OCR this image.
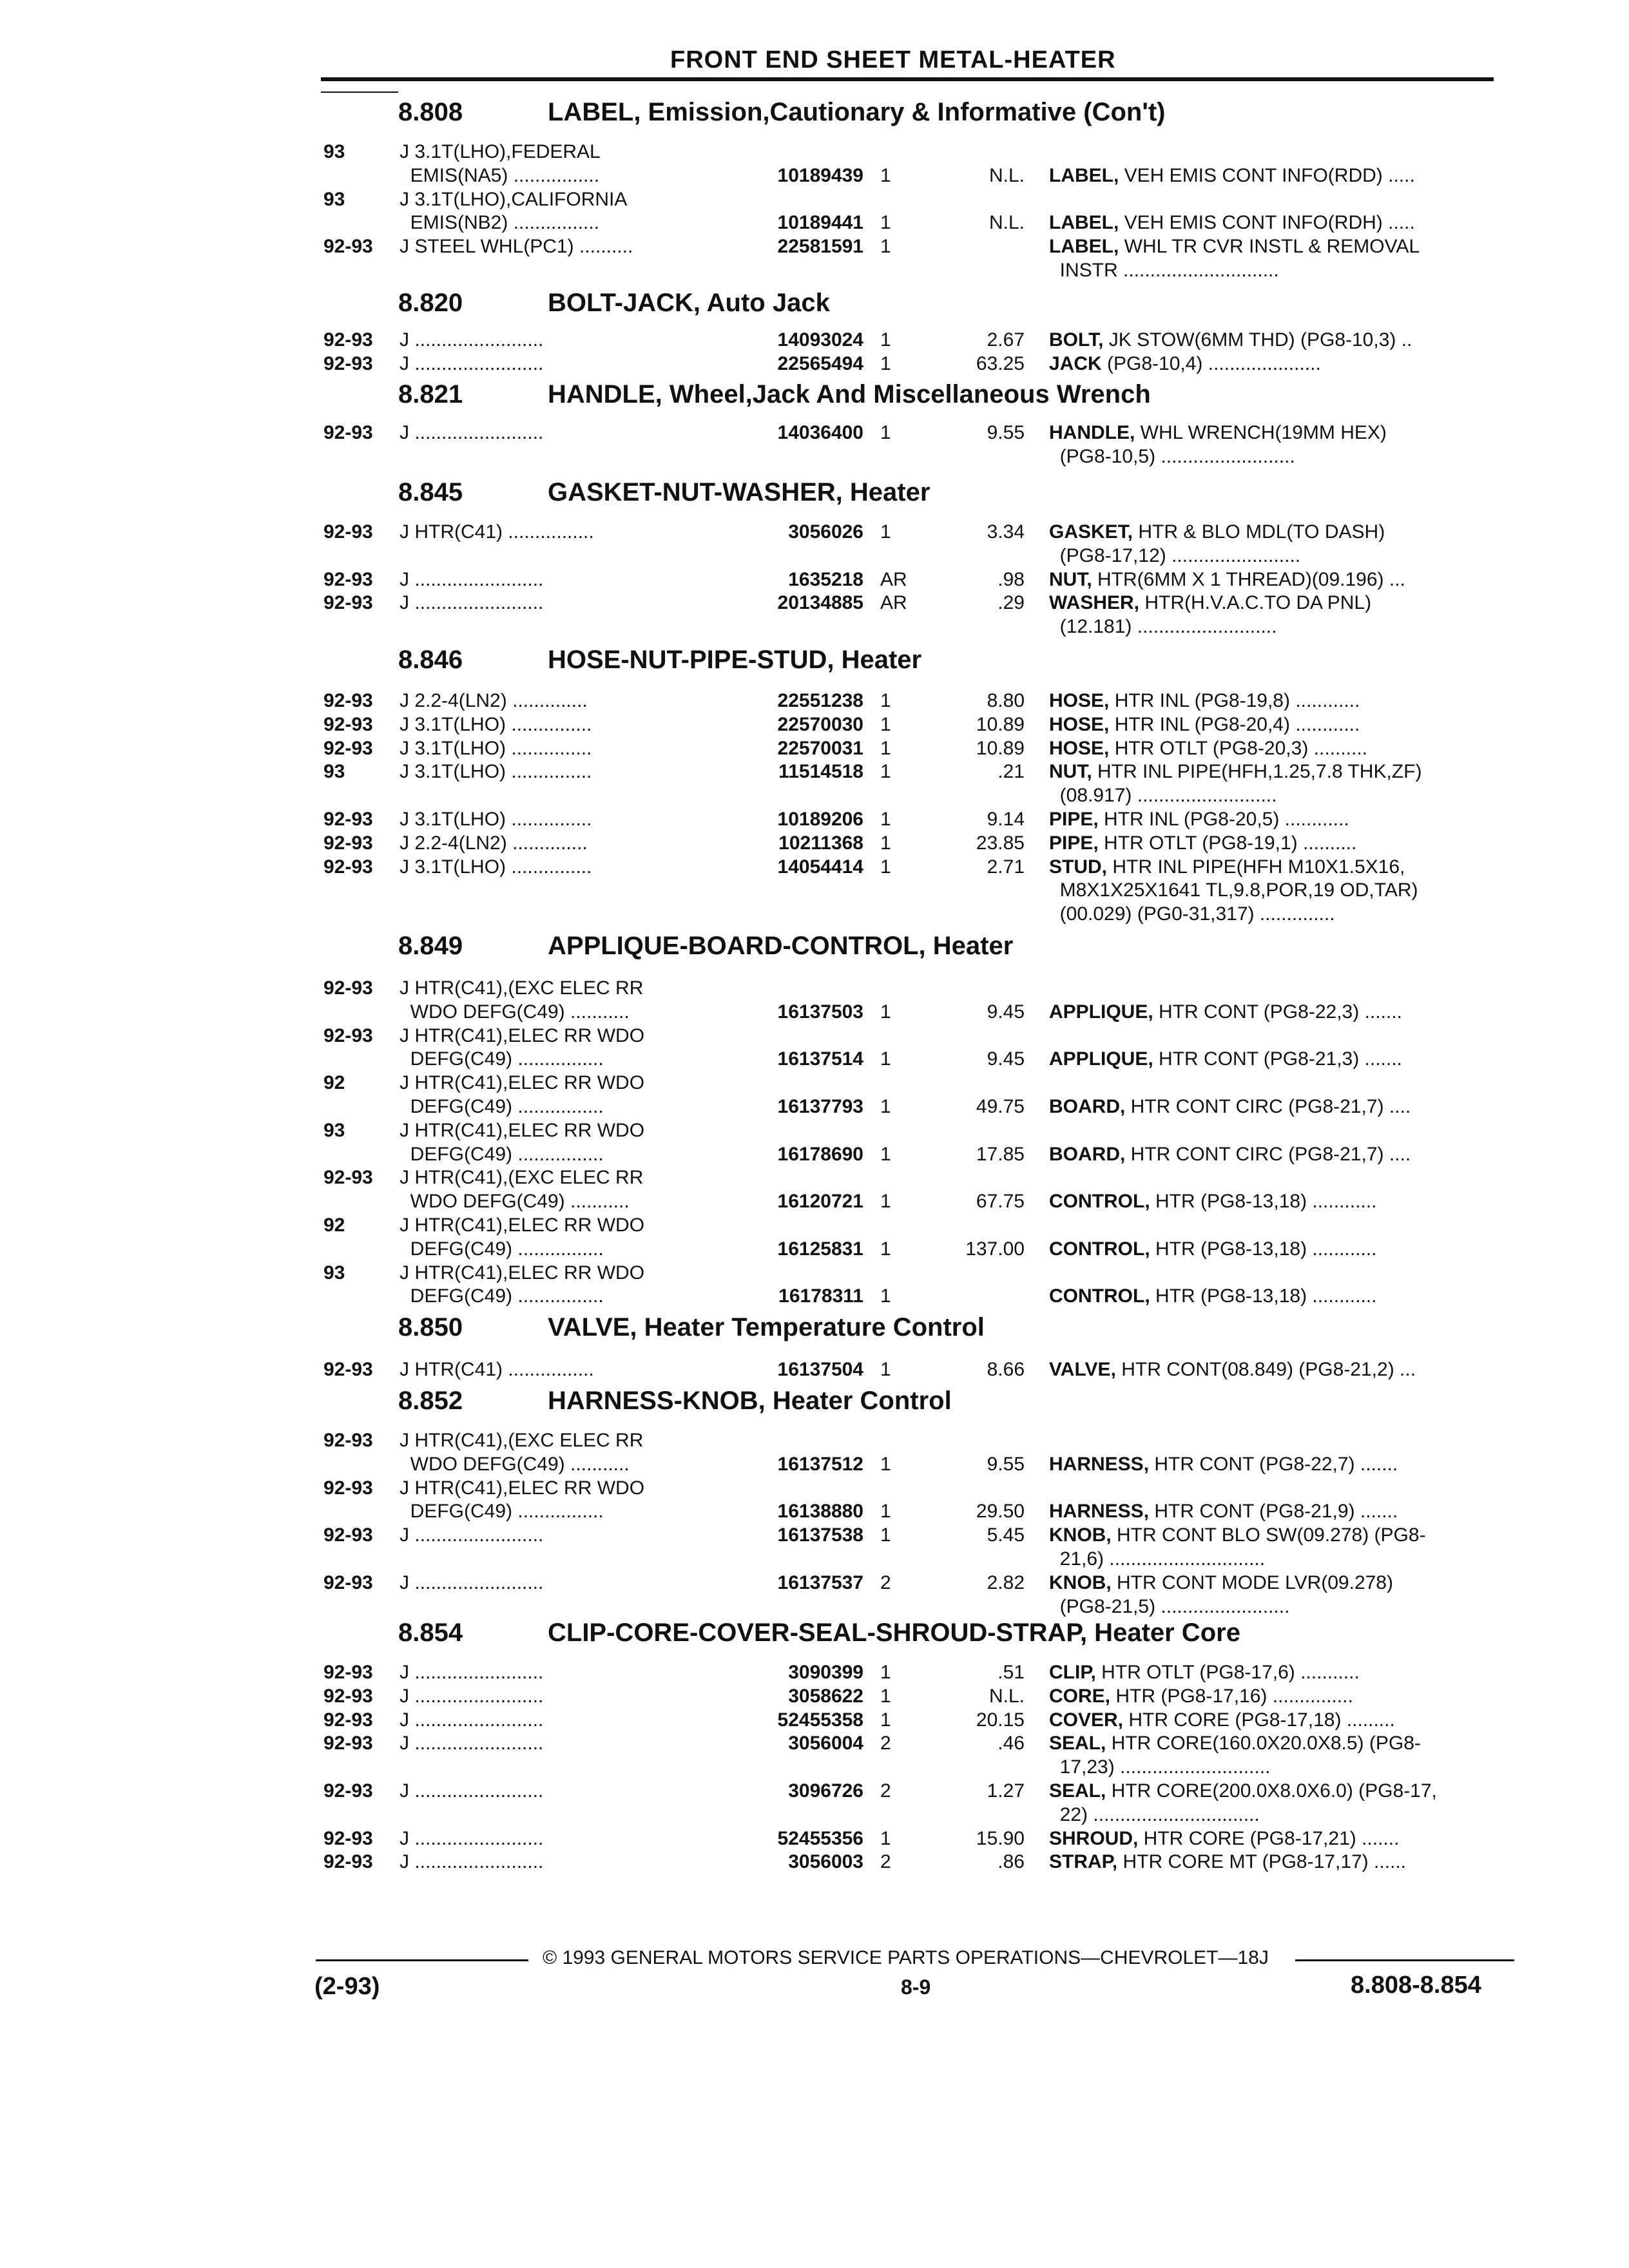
FRONT END SHEET METAL-HEATER
8.808	LABEL, Emission,Cautionary & Informative (Con't)
93	J 3.1T(LHO),FEDERAL
EMIS(NA5) ................	10189439 1	N.L. LABEL, VEH EMIS CONT INFO(RDD) .....
93	J 3.1T(LHO),CALIFORNIA
EMIS(NB2) ................	10189441 1	N.L. LABEL, VEH EMIS CONT INFO(RDH) .....
92-93 J STEEL WHL(PC1) ..........	22581591 1	LABEL, WHL TR CVR INSTL & REMOVAL
INSTR .............................
8.820	BOLT-JACK, Auto Jack
92-93 J ........................	14093024 1	2.67 BOLT, JK STOW(6MM THD) (PG8-10,3) ..
92-93 J ........................	22565494 1	63.25 JACK (PG8-10,4) .....................
8.821	HANDLE, Wheel,Jack And Miscellaneous Wrench
92-93 J ........................	14036400 1	9.55 HANDLE, WHL WRENCH(19MM HEX)
(PG8-10,5) .........................
8.845	GASKET-NUT-WASHER, Heater
92-93 J HTR(C41) ................	3056026 1	3.34 GASKET, HTR & BLO MDL(TO DASH)
(PG8-17,12) ........................
92-93 J ........................	1635218 AR	.98 NUT, HTR(6MM X 1 THREAD)(09.196) ...
92-93 J ........................	20134885 AR	.29 WASHER, HTR(H.V.A.C.TO DA PNL)
(12.181) ..........................
8.846	HOSE-NUT-PIPE-STUD, Heater
92-93 J 2.2-4(LN2) ..............	22551238 1	8.80 HOSE, HTR INL (PG8-19,8) ............
92-93 J 3.1T(LHO) ...............	22570030 1	10.89 HOSE, HTR INL (PG8-20,4) ............
92-93 J 3.1T(LHO) ...............	22570031 1	10.89 HOSE, HTR OTLT (PG8-20,3) ..........
93	J 3.1T(LHO) ...............	11514518 1	.21 NUT, HTR INL PIPE(HFH,1.25,7.8 THK,ZF)
(08.917) ..........................
92-93 J 3.1T(LHO) ...............	10189206 1	9.14 PIPE, HTR INL (PG8-20,5) ............
92-93 J 2.2-4(LN2) ..............	10211368 1	23.85 PIPE, HTR OTLT (PG8-19,1) ..........
92-93 J 3.1T(LHO) ...............	14054414 1	2.71 STUD, HTR INL PIPE(HFH M10X1.5X16,
M8X1X25X1641 TL,9.8,POR,19 OD,TAR)
(00.029) (PG0-31,317) ..............
8.849	APPLIQUE-BOARD-CONTROL, Heater
92-93 J HTR(C41),(EXC ELEC RR
WDO DEFG(C49) ...........	16137503 1	9.45 APPLIQUE, HTR CONT (PG8-22,3) .......
92-93 J HTR(C41),ELEC RR WDO
DEFG(C49) ................	16137514 1	9.45 APPLIQUE, HTR CONT (PG8-21,3) .......
92	J HTR(C41),ELEC RR WDO
DEFG(C49) ................	16137793 1	49.75 BOARD, HTR CONT CIRC (PG8-21,7) ....
93	J HTR(C41),ELEC RR WDO
DEFG(C49) ................	16178690 1	17.85 BOARD, HTR CONT CIRC (PG8-21,7) ....
92-93 J HTR(C41),(EXC ELEC RR
WDO DEFG(C49) ...........	16120721 1	67.75 CONTROL, HTR (PG8-13,18) ............
92	J HTR(C41),ELEC RR WDO
DEFG(C49) ................	16125831 1	137.00 CONTROL, HTR (PG8-13,18) ............
93	J HTR(C41),ELEC RR WDO
DEFG(C49) ................	16178311 1	CONTROL, HTR (PG8-13,18) ............
8.850	VALVE, Heater Temperature Control
92-93 J HTR(C41) ................	16137504 1	8.66 VALVE, HTR CONT(08.849) (PG8-21,2) ...
8.852	HARNESS-KNOB, Heater Control
92-93 J HTR(C41),(EXC ELEC RR
WDO DEFG(C49) ...........	16137512 1	9.55 HARNESS, HTR CONT (PG8-22,7) .......
92-93 J HTR(C41),ELEC RR WDO
DEFG(C49) ................	16138880 1	29.50 HARNESS, HTR CONT (PG8-21,9) .......
92-93 J ........................	16137538 1	5.45 KNOB, HTR CONT BLO SW(09.278) (PG8-
21,6) .............................
92-93 J ........................	16137537 2	2.82 KNOB, HTR CONT MODE LVR(09.278)
(PG8-21,5) ........................
8.854	CLIP-CORE-COVER-SEAL-SHROUD-STRAP, Heater Core
92-93 J ........................	3090399 1	.51 CLIP, HTR OTLT (PG8-17,6) ...........
92-93 J ........................	3058622 1	N.L. CORE, HTR (PG8-17,16) ...............
92-93 J ........................	52455358 1	20.15 COVER, HTR CORE (PG8-17,18) .........
92-93 J ........................	3056004 2	.46 SEAL, HTR CORE(160.0X20.0X8.5) (PG8-
17,23) ............................
92-93 J ........................	3096726 2	1.27 SEAL, HTR CORE(200.0X8.0X6.0) (PG8-17,
22) ...............................
92-93 J ........................	52455356 1	15.90 SHROUD, HTR CORE (PG8-17,21) .......
92-93 J ........................	3056003 2	.86 STRAP, HTR CORE MT (PG8-17,17) ......
© 1993 GENERAL MOTORS SERVICE PARTS OPERATIONS—CHEVROLET—18J
(2-93)	8-9	8.808-8.854
